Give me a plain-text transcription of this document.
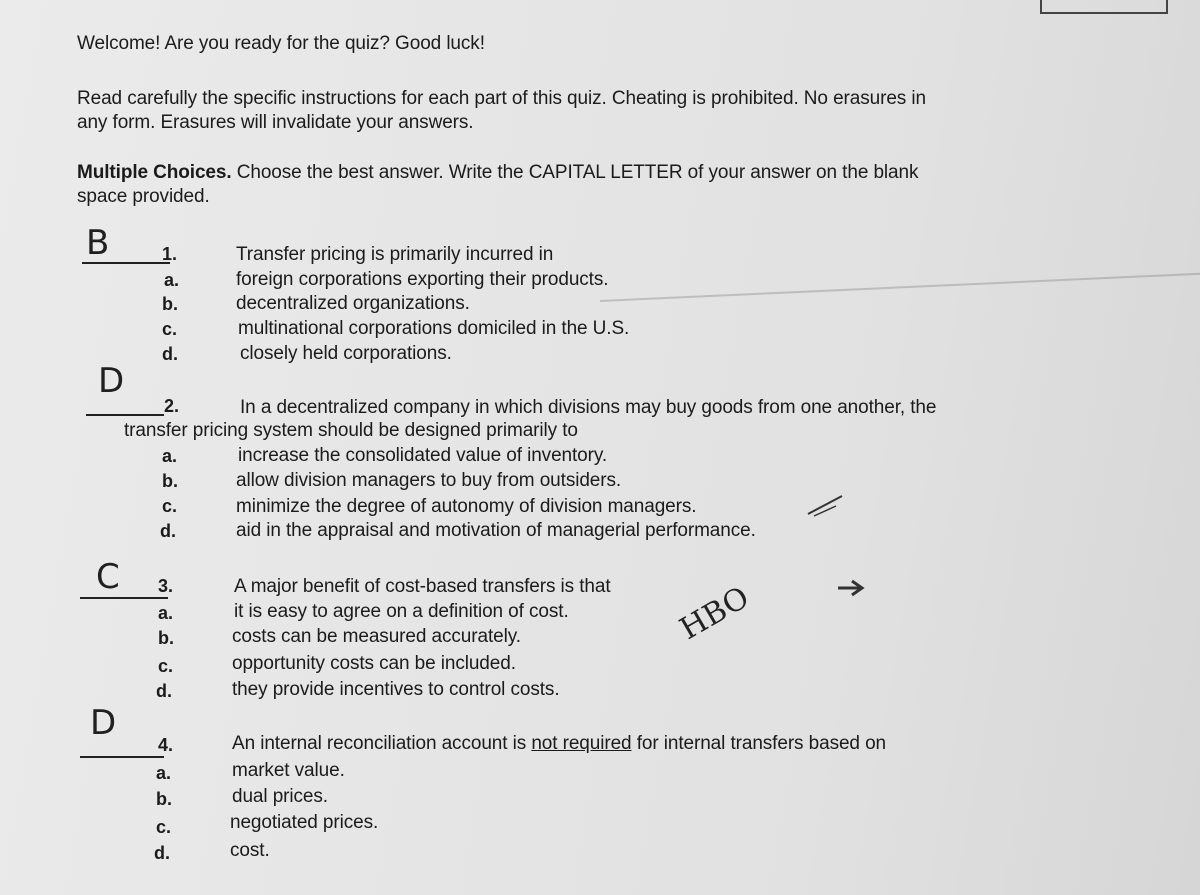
Welcome! Are you ready for the quiz? Good luck!
Read carefully the specific instructions for each part of this quiz. Cheating is prohibited. No erasures in
any form. Erasures will invalidate your answers.
Multiple Choices. Choose the best answer. Write the CAPITAL LETTER of your answer on the blank
space provided.
B	1.	Transfer pricing is primarily incurred in
a.	foreign corporations exporting their products.
b.	decentralized organizations.
c.	multinational corporations domiciled in the U.S.
d.	closely held corporations.
D
2.	In a decentralized company in which divisions may buy goods from one another, the
transfer pricing system should be designed primarily to
a.	increase the consolidated value of inventory.
b.	allow division managers to buy from outsiders.
c.	minimize the degree of autonomy of division managers.
d.	aid in the appraisal and motivation of managerial performance.
C 3.	A major benefit of cost-based transfers is that
a.	it is easy to agree on a definition of cost.
b.	costs can be measured accurately.
c.	opportunity costs can be included.
d.	they provide incentives to control costs.
HBO
D
4.	An internal reconciliation account is not required for internal transfers based on
a.	market value.
b.	dual prices.
c.	negotiated prices.
d.	cost.
